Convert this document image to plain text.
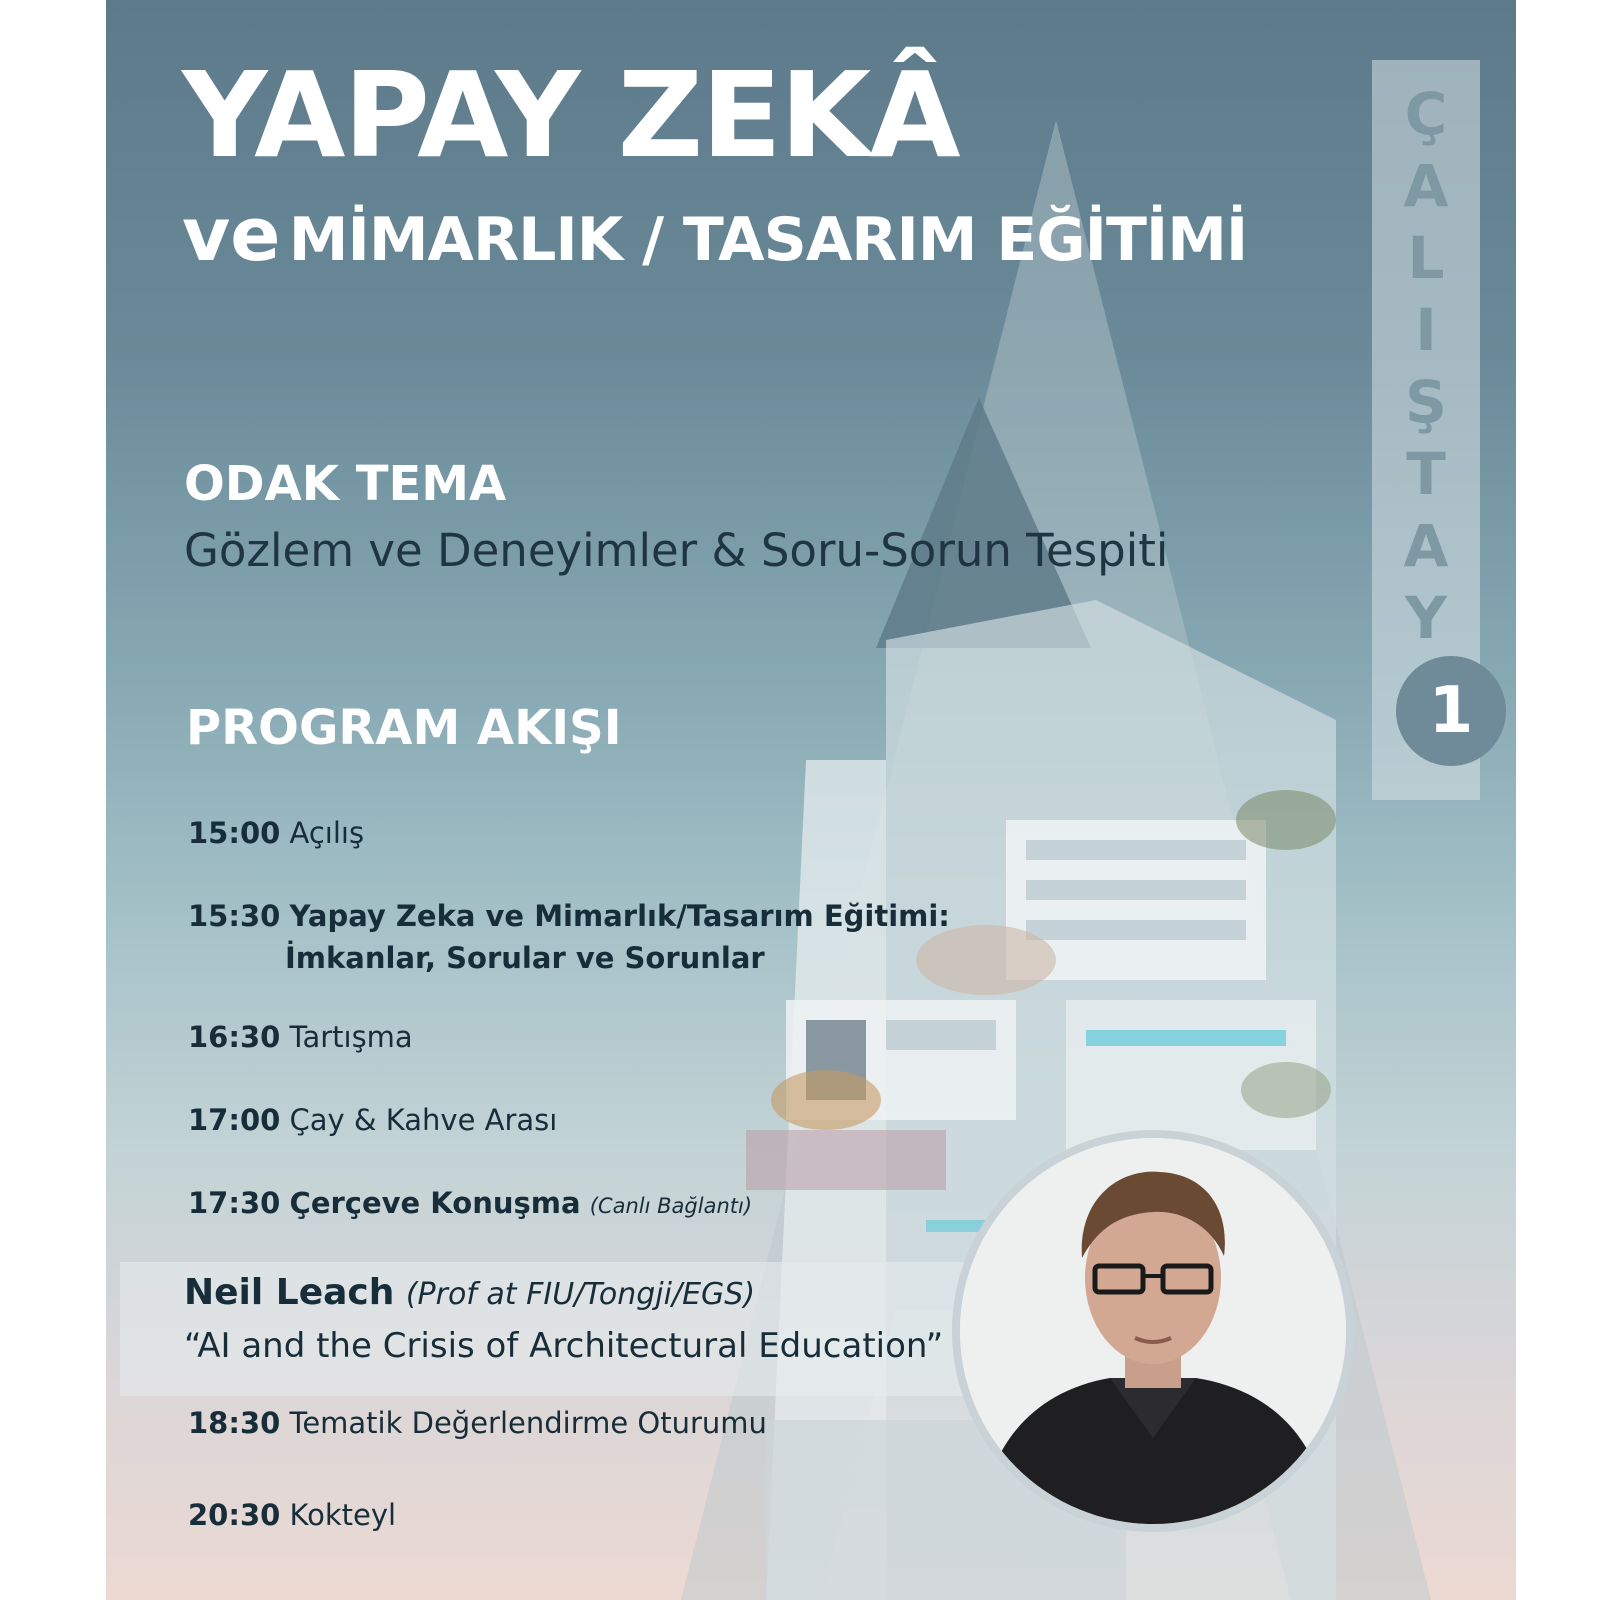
YAPAY ZEKÂ
ve MİMARLIK / TASARIM EĞİTİMİ
Ç
A
L
I
Ş
T
A
Y
1

ODAK TEMA

Gözlem ve Deneyimler & Soru-Sorun Tespiti

PROGRAM AKIŞI

15:00 Açılış

15:30 Yapay Zeka ve Mimarlık/Tasarım Eğitimi:
İmkanlar, Sorular ve Sorunlar

16:30 Tartışma

17:00 Çay & Kahve Arası

17:30 Çerçeve Konuşma (Canlı Bağlantı)

Neil Leach (Prof at FIU/Tongji/EGS)

“AI and the Crisis of Architectural Education”

18:30 Tematik Değerlendirme Oturumu

20:30 Kokteyl
